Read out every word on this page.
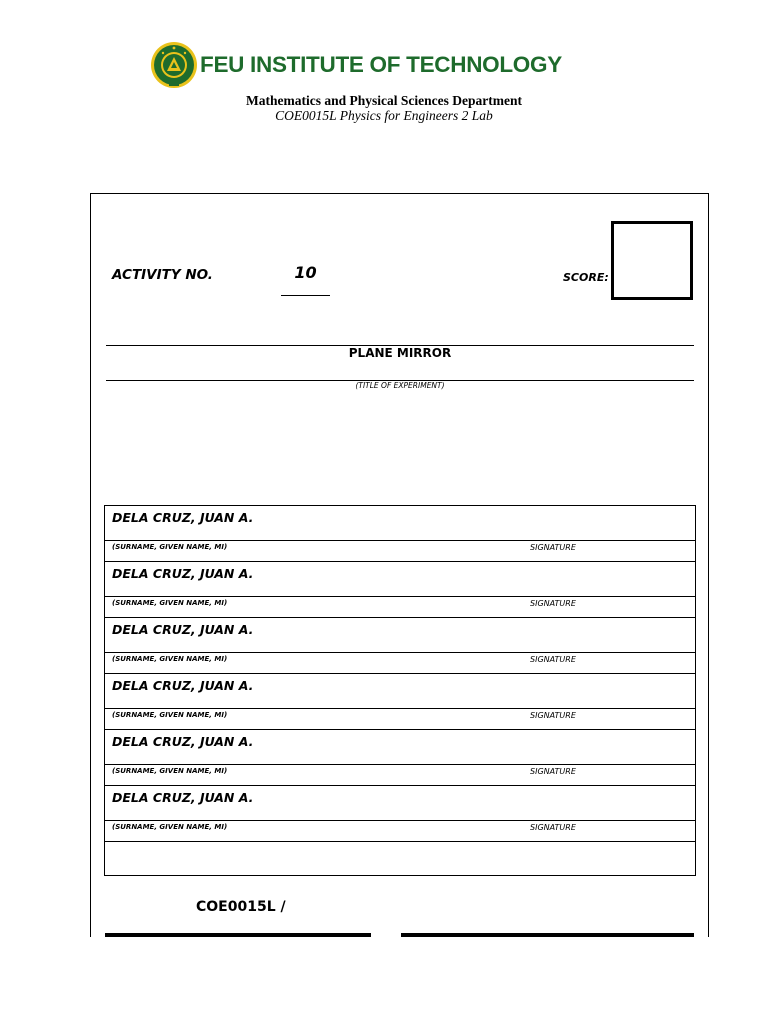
FEU INSTITUTE OF TECHNOLOGY
Mathematics and Physical Sciences Department
COE0015L Physics for Engineers 2 Lab
ACTIVITY NO.	10	SCORE:
PLANE MIRROR
(TITLE OF EXPERIMENT)
DELA CRUZ, JUAN A.
(SURNAME, GIVEN NAME, MI)	SIGNATURE
DELA CRUZ, JUAN A.
(SURNAME, GIVEN NAME, MI)	SIGNATURE
DELA CRUZ, JUAN A.
(SURNAME, GIVEN NAME, MI)	SIGNATURE
DELA CRUZ, JUAN A.
(SURNAME, GIVEN NAME, MI)	SIGNATURE
DELA CRUZ, JUAN A.
(SURNAME, GIVEN NAME, MI)	SIGNATURE
DELA CRUZ, JUAN A.
(SURNAME, GIVEN NAME, MI)	SIGNATURE
COE0015L /
